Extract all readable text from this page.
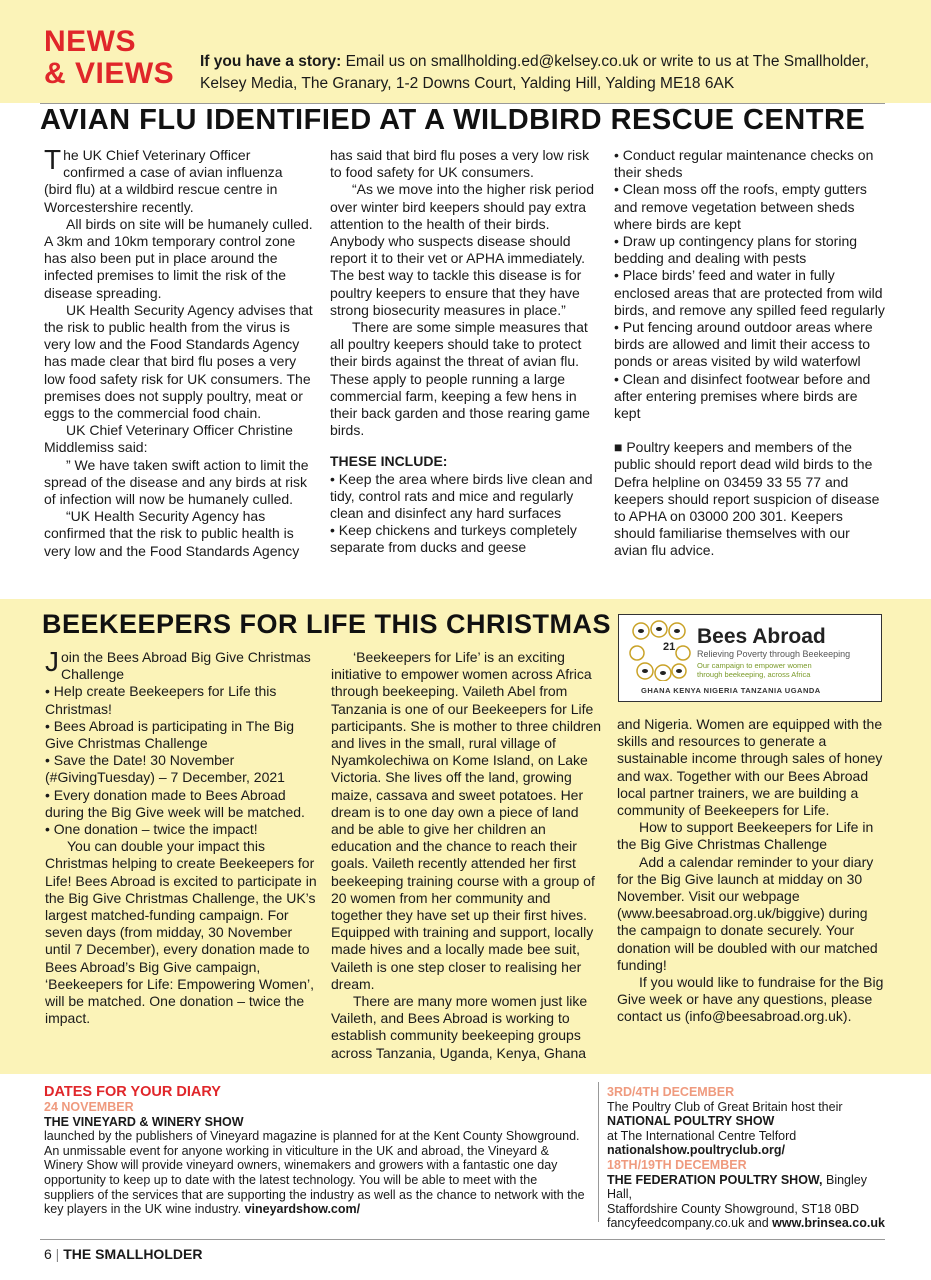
NEWS
& VIEWS If you have a story: Email us on smallholding.ed@kelsey.co.uk or write to us at The Smallholder,
Kelsey Media, The Granary, 1-2 Downs Court, Yalding Hill, Yalding ME18 6AK
AVIAN FLU IDENTIFIED AT A WILDBIRD RESCUE CENTRE

The UK Chief Veterinary Officer confirmed a case of avian influenza (bird flu) at a wildbird rescue centre in Worcestershire recently.

All birds on site will be humanely culled. A 3km and 10km temporary control zone has also been put in place around the infected premises to limit the risk of the disease spreading.

UK Health Security Agency advises that the risk to public health from the virus is very low and the Food Standards Agency has made clear that bird flu poses a very low food safety risk for UK consumers. The premises does not supply poultry, meat or eggs to the commercial food chain.

UK Chief Veterinary Officer Christine Middlemiss said:

” We have taken swift action to limit the spread of the disease and any birds at risk of infection will now be humanely culled.

“UK Health Security Agency has confirmed that the risk to public health is very low and the Food Standards Agency

has said that bird flu poses a very low risk to food safety for UK consumers.

“As we move into the higher risk period over winter bird keepers should pay extra attention to the health of their birds. Anybody who suspects disease should report it to their vet or APHA immediately. The best way to tackle this disease is for poultry keepers to ensure that they have strong biosecurity measures in place.”

There are some simple measures that all poultry keepers should take to protect their birds against the threat of avian flu. These apply to people running a large commercial farm, keeping a few hens in their back garden and those rearing game birds.

THESE INCLUDE:

• Keep the area where birds live clean and tidy, control rats and mice and regularly clean and disinfect any hard surfaces

• Keep chickens and turkeys completely separate from ducks and geese

• Conduct regular maintenance checks on their sheds

• Clean moss off the roofs, empty gutters and remove vegetation between sheds where birds are kept

• Draw up contingency plans for storing bedding and dealing with pests

• Place birds’ feed and water in fully enclosed areas that are protected from wild birds, and remove any spilled feed regularly

• Put fencing around outdoor areas where birds are allowed and limit their access to ponds or areas visited by wild waterfowl

• Clean and disinfect footwear before and after entering premises where birds are kept

■ Poultry keepers and members of the public should report dead wild birds to the Defra helpline on 03459 33 55 77 and keepers should report suspicion of disease to APHA on 03000 200 301. Keepers should familiarise themselves with our avian flu advice.

BEEKEEPERS FOR LIFE THIS CHRISTMAS
21 Bees Abroad
Relieving Poverty through Beekeeping
Our campaign to empower women through beekeeping, across Africa
GHANA KENYA NIGERIA TANZANIA UGANDA

Join the Bees Abroad Big Give Christmas Challenge

• Help create Beekeepers for Life this Christmas!

• Bees Abroad is participating in The Big Give Christmas Challenge

• Save the Date! 30 November (#GivingTuesday) – 7 December, 2021

• Every donation made to Bees Abroad during the Big Give week will be matched.

• One donation – twice the impact!

You can double your impact this Christmas helping to create Beekeepers for Life! Bees Abroad is excited to participate in the Big Give Christmas Challenge, the UK’s largest matched-funding campaign. For seven days (from midday, 30 November until 7 December), every donation made to Bees Abroad’s Big Give campaign, ‘Beekeepers for Life: Empowering Women’, will be matched. One donation – twice the impact.

‘Beekeepers for Life’ is an exciting initiative to empower women across Africa through beekeeping. Vaileth Abel from Tanzania is one of our Beekeepers for Life participants. She is mother to three children and lives in the small, rural village of Nyamkolechiwa on Kome Island, on Lake Victoria. She lives off the land, growing maize, cassava and sweet potatoes. Her dream is to one day own a piece of land and be able to give her children an education and the chance to reach their goals. Vaileth recently attended her first beekeeping training course with a group of 20 women from her community and together they have set up their first hives. Equipped with training and support, locally made hives and a locally made bee suit, Vaileth is one step closer to realising her dream.

There are many more women just like Vaileth, and Bees Abroad is working to establish community beekeeping groups across Tanzania, Uganda, Kenya, Ghana

and Nigeria. Women are equipped with the skills and resources to generate a sustainable income through sales of honey and wax. Together with our Bees Abroad local partner trainers, we are building a community of Beekeepers for Life.

How to support Beekeepers for Life in the Big Give Christmas Challenge

Add a calendar reminder to your diary for the Big Give launch at midday on 30 November. Visit our webpage (www.beesabroad.org.uk/biggive) during the campaign to donate securely. Your donation will be doubled with our matched funding!

If you would like to fundraise for the Big Give week or have any questions, please contact us (info@beesabroad.org.uk).

DATES FOR YOUR DIARY
24 NOVEMBER
THE VINEYARD & WINERY SHOW
launched by the publishers of Vineyard magazine is planned for at the Kent County Showground. An unmissable event for anyone working in viticulture in the UK and abroad, the Vineyard & Winery Show will provide vineyard owners, winemakers and growers with a fantastic one day opportunity to keep up to date with the latest technology. You will be able to meet with the suppliers of the services that are supporting the industry as well as the chance to network with the key players in the UK wine industry. vineyardshow.com/
3RD/4TH DECEMBER
The Poultry Club of Great Britain host their
NATIONAL POULTRY SHOW
at The International Centre Telford
nationalshow.poultryclub.org/
18TH/19TH DECEMBER
THE FEDERATION POULTRY SHOW, Bingley Hall,
Staffordshire County Showground, ST18 0BD
fancyfeedcompany.co.uk and www.brinsea.co.uk
6 | THE SMALLHOLDER
